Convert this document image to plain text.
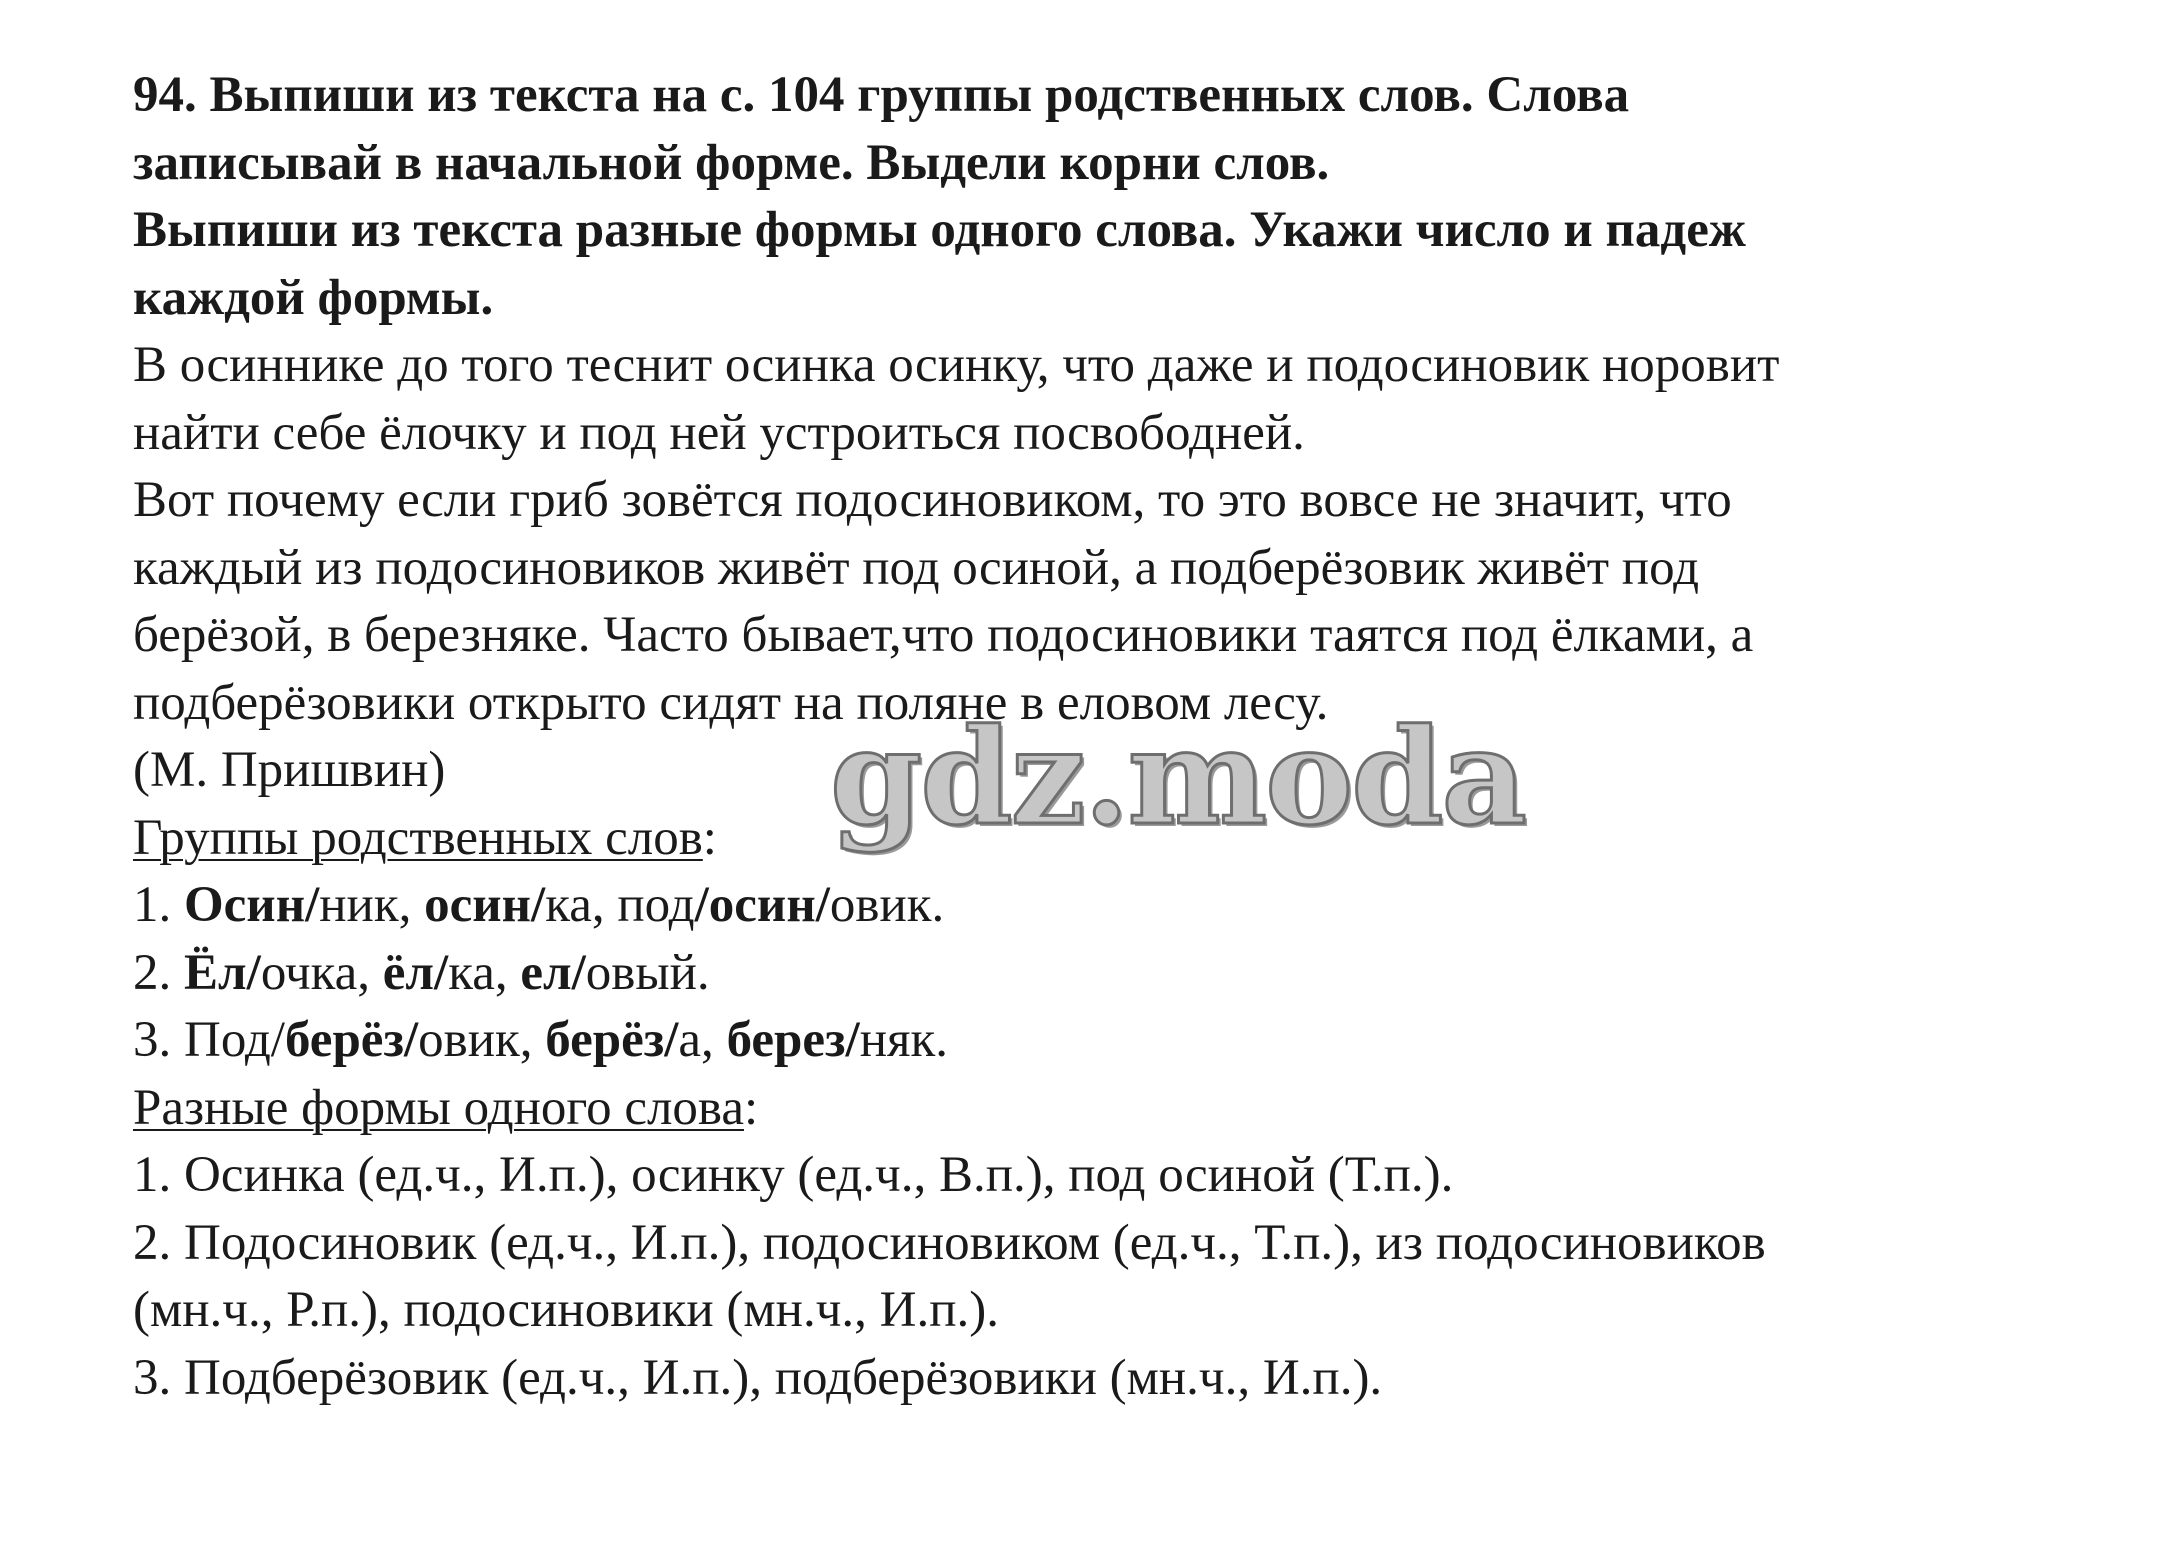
94. Выпиши из текста на с. 104 группы родственных слов. Слова
записывай в начальной форме. Выдели корни слов.
Выпиши из текста разные формы одного слова. Укажи число и падеж
каждой формы.
В осиннике до того теснит осинка осинку, что даже и подосиновик норовит
найти себе ёлочку и под ней устроиться посвободней.
Вот почему если гриб зовётся подосиновиком, то это вовсе не значит, что
каждый из подосиновиков живёт под осиной, а подберёзовик живёт под
берёзой, в березняке. Часто бывает,что подосиновики таятся под ёлками, а
подберёзовики открыто сидят на поляне в еловом лесу.
(М. Пришвин)
Группы родственных слов:
1. Осин/ник, осин/ка, под/осин/овик.
2. Ёл/очка, ёл/ка, ел/овый.
3. Под/берёз/овик, берёз/а, берез/няк.
Разные формы одного слова:
1. Осинка (ед.ч., И.п.), осинку (ед.ч., В.п.), под осиной (Т.п.).
2. Подосиновик (ед.ч., И.п.), подосиновиком (ед.ч., Т.п.), из подосиновиков
(мн.ч., Р.п.), подосиновики (мн.ч., И.п.).
3. Подберёзовик (ед.ч., И.п.), подберёзовики (мн.ч., И.п.).
gdz.moda
